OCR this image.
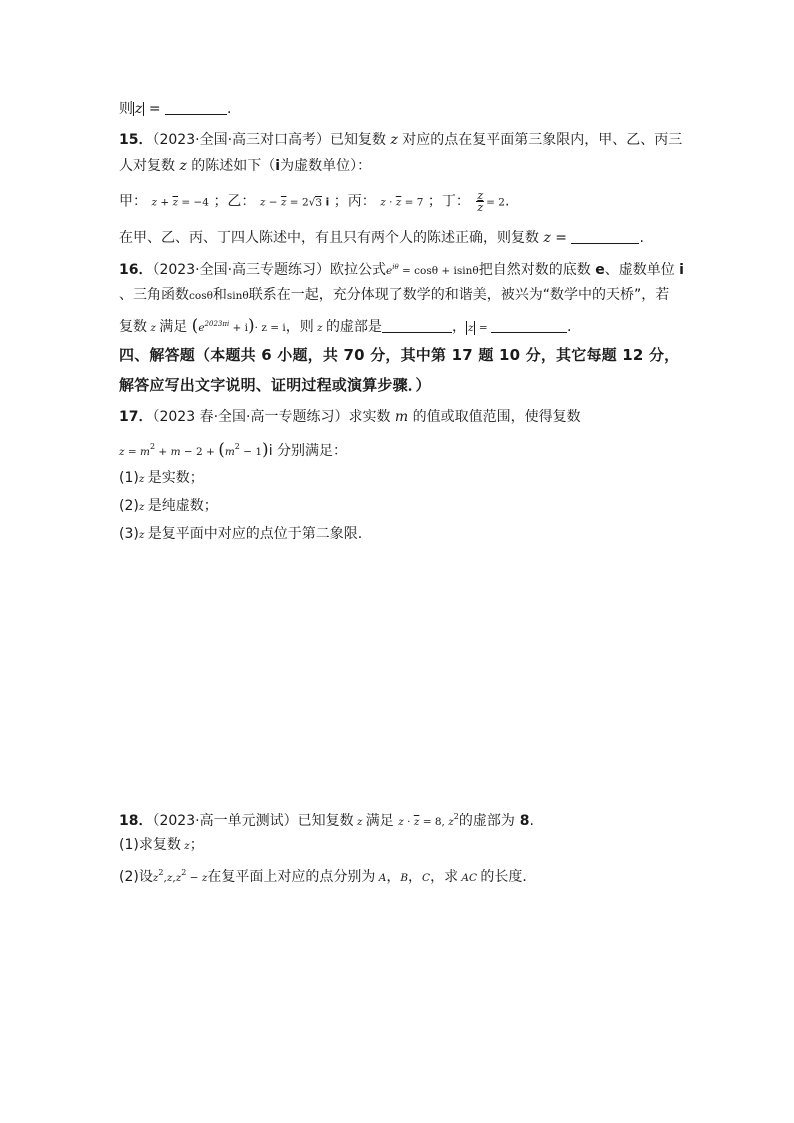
则 z =	.
15．（2023·全国·高三对口高考）已知复数 z 对应的点在复平面第三象限内，甲、乙、丙三
人对复数 z 的陈述如下（i为虚数单位）：
甲： $z + \overline{z} = -4$ ；乙： $z - \overline{z} = 2√3$ i ；丙： $z \cdot \overline{z} = 7$ ；丁： $\frac{z}{z} = 2$.
在甲、乙、丙、丁四人陈述中，有且只有两个人的陈述正确，则复数 z =	.
16．（2023·全国·高三专题练习）欧拉公式$e^{i\theta} = \cos\theta + isin\theta$把自然对数的底数 e、虚数单位 i
、三角函数cosθ和sinθ联系在一起，充分体现了数学的和谐美，被兴为“数学中的天桥”，若
复数 z 满足 $(e^{2023\pi i} + i)\cdot z = i$，则 z 的虚部是	， z =	.
四、解答题（本题共 6 小题，共 70 分，其中第 17 题 10 分，其它每题 12 分，
解答应写出文字说明、证明过程或演算步骤．）
17．（2023 春·全国·高一专题练习）求实数 m 的值或取值范围，使得复数
$z = m^2 + m - 2 + (m^2 - 1)i$ 分别满足：
(1)z 是实数；
(2)z 是纯虚数；
(3)z 是复平面中对应的点位于第二象限.
18．（2023·高一单元测试）已知复数 z 满足 $z \cdot \overline{z} = 8$, $z^2$的虚部为 8.
(1)求复数 z；
(2)设$z^2,z,z^2 - z$在复平面上对应的点分别为 A，B，C，求 AC 的长度．
